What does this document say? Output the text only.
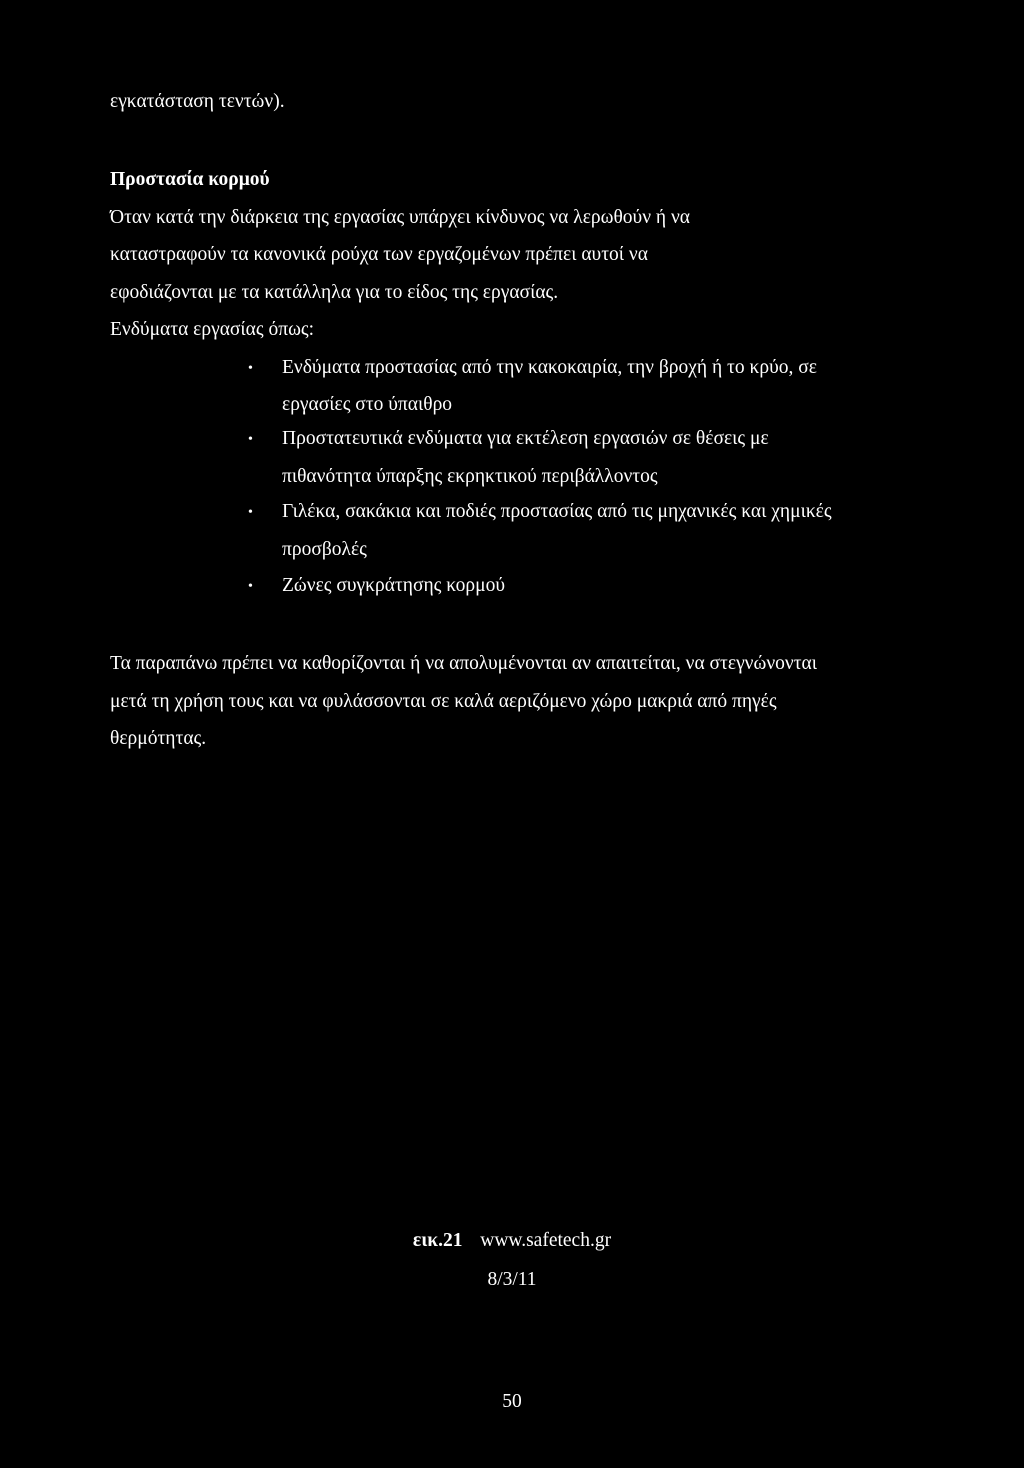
εγκατάσταση τεντών).
Προστασία κορμού
Όταν κατά την διάρκεια της εργασίας υπάρχει κίνδυνος να λερωθούν ή να
καταστραφούν τα κανονικά ρούχα των εργαζομένων πρέπει αυτοί να
εφοδιάζονται με τα κατάλληλα για το είδος της εργασίας.
Ενδύματα εργασίας όπως:
• Ενδύματα προστασίας από την κακοκαιρία, την βροχή ή το κρύο, σε
εργασίες στο ύπαιθρο
• Προστατευτικά ενδύματα για εκτέλεση εργασιών σε θέσεις με
πιθανότητα ύπαρξης εκρηκτικού περιβάλλοντος
• Γιλέκα, σακάκια και ποδιές προστασίας από τις μηχανικές και χημικές
προσβολές
• Ζώνες συγκράτησης κορμού
Τα παραπάνω πρέπει να καθορίζονται ή να απολυμένονται αν απαιτείται, να στεγνώνονται
μετά τη χρήση τους και να φυλάσσονται σε καλά αεριζόμενο χώρο μακριά από πηγές
θερμότητας.
εικ.21 www.safetech.gr
8/3/11
50
